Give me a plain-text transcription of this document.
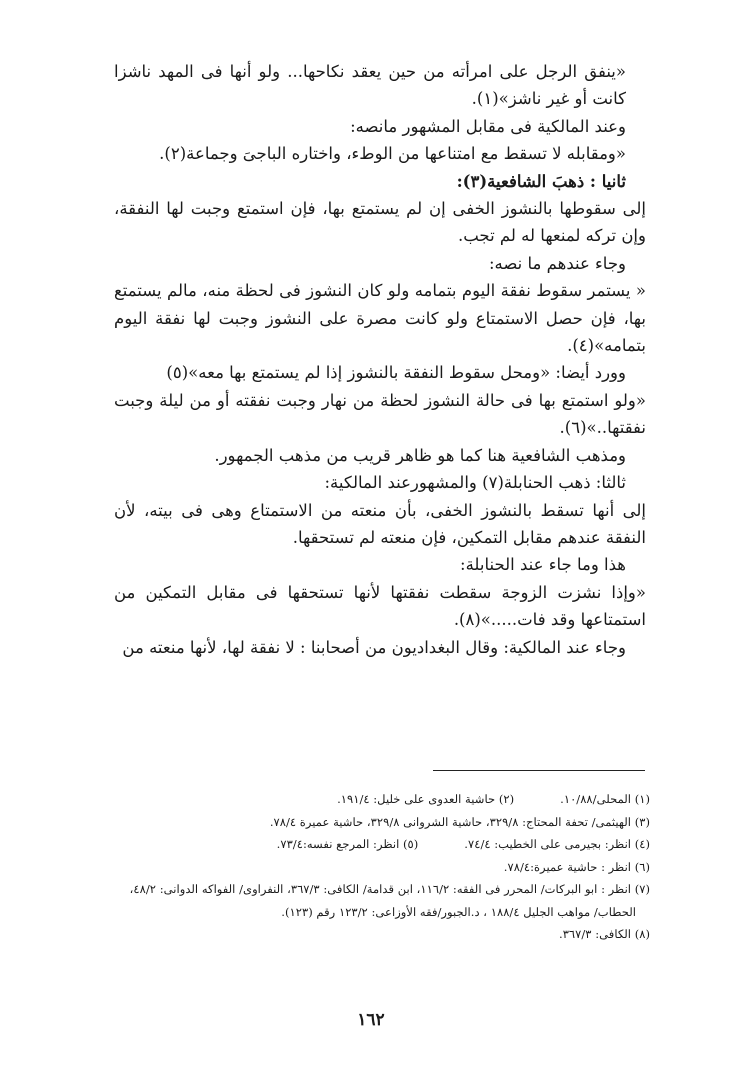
«ينفق الرجل على امرأته من حين يعقد نكاحها... ولو أنها فى المهد ناشزا كانت أو غير ناشز»(١).

وعند المالكية فى مقابل المشهور مانصه:

«ومقابله لا تسقط مع امتناعها من الوطء، واختاره الباجىَ وجماعة(٢).

ثانيا : ذهبَ الشافعية(٣):

إلى سقوطها بالنشوز الخفى إن لم يستمتع بها، فإن استمتع وجبت لها النفقة، وإن تركه لمنعها له لم تجب.

وجاء عندهم ما نصه:

« يستمر سقوط نفقة اليوم بتمامه ولو كان النشوز فى لحظة منه، مالم يستمتع بها، فإن حصل الاستمتاع ولو كانت مصرة على النشوز وجبت لها نفقة اليوم بتمامه»(٤).

وورد أيضا: «ومحل سقوط النفقة بالنشوز إذا لم يستمتع بها معه»(٥)

«ولو استمتع بها فى حالة النشوز لحظة من نهار وجبت نفقته أو من ليلة وجبت نفقتها..»(٦).

ومذهب الشافعية هنا كما هو ظاهر قريب من مذهب الجمهور.

ثالثا: ذهب الحنابلة(٧) والمشهورعند المالكية:

إلى أنها تسقط بالنشوز الخفى، بأن منعته من الاستمتاع وهى فى بيته، لأن النفقة عندهم مقابل التمكين، فإن منعته لم تستحقها.

هذا وما جاء عند الحنابلة:

«وإذا نشزت الزوجة سقطت نفقتها لأنها تستحقها فى مقابل التمكين من استمتاعها وقد فات.....»(٨).

وجاء عند المالكية: وقال البغداديون من أصحابنا : لا نفقة لها، لأنها منعته من

(١) المحلى/١٠/٨٨.
(٢) حاشية العدوى على خليل: ١٩١/٤.
(٣) الهيثمى/ تحفة المحتاج: ٣٢٩/٨، حاشية الشروانى ٣٢٩/٨، حاشية عميرة ٧٨/٤.
(٤) انظر: بجيرمى على الخطيب: ٧٤/٤.
(٥) انظر: المرجع نفسه:٧٣/٤.
(٦) انظر : حاشية عميرة:٧٨/٤.
(٧) انظر : ابو البركات/ المحرر فى الفقه: ١١٦/٢، ابن قدامة/ الكافى: ٣٦٧/٣، النفراوى/ الفواكه الدوانى: ٤٨/٢،
الحطاب/ مواهب الجليل ١٨٨/٤ ، د.الجبور/فقه الأوزاعى: ١٢٣/٢ رقم (١٢٣).
(٨) الكافى: ٣٦٧/٣.
١٦٢
